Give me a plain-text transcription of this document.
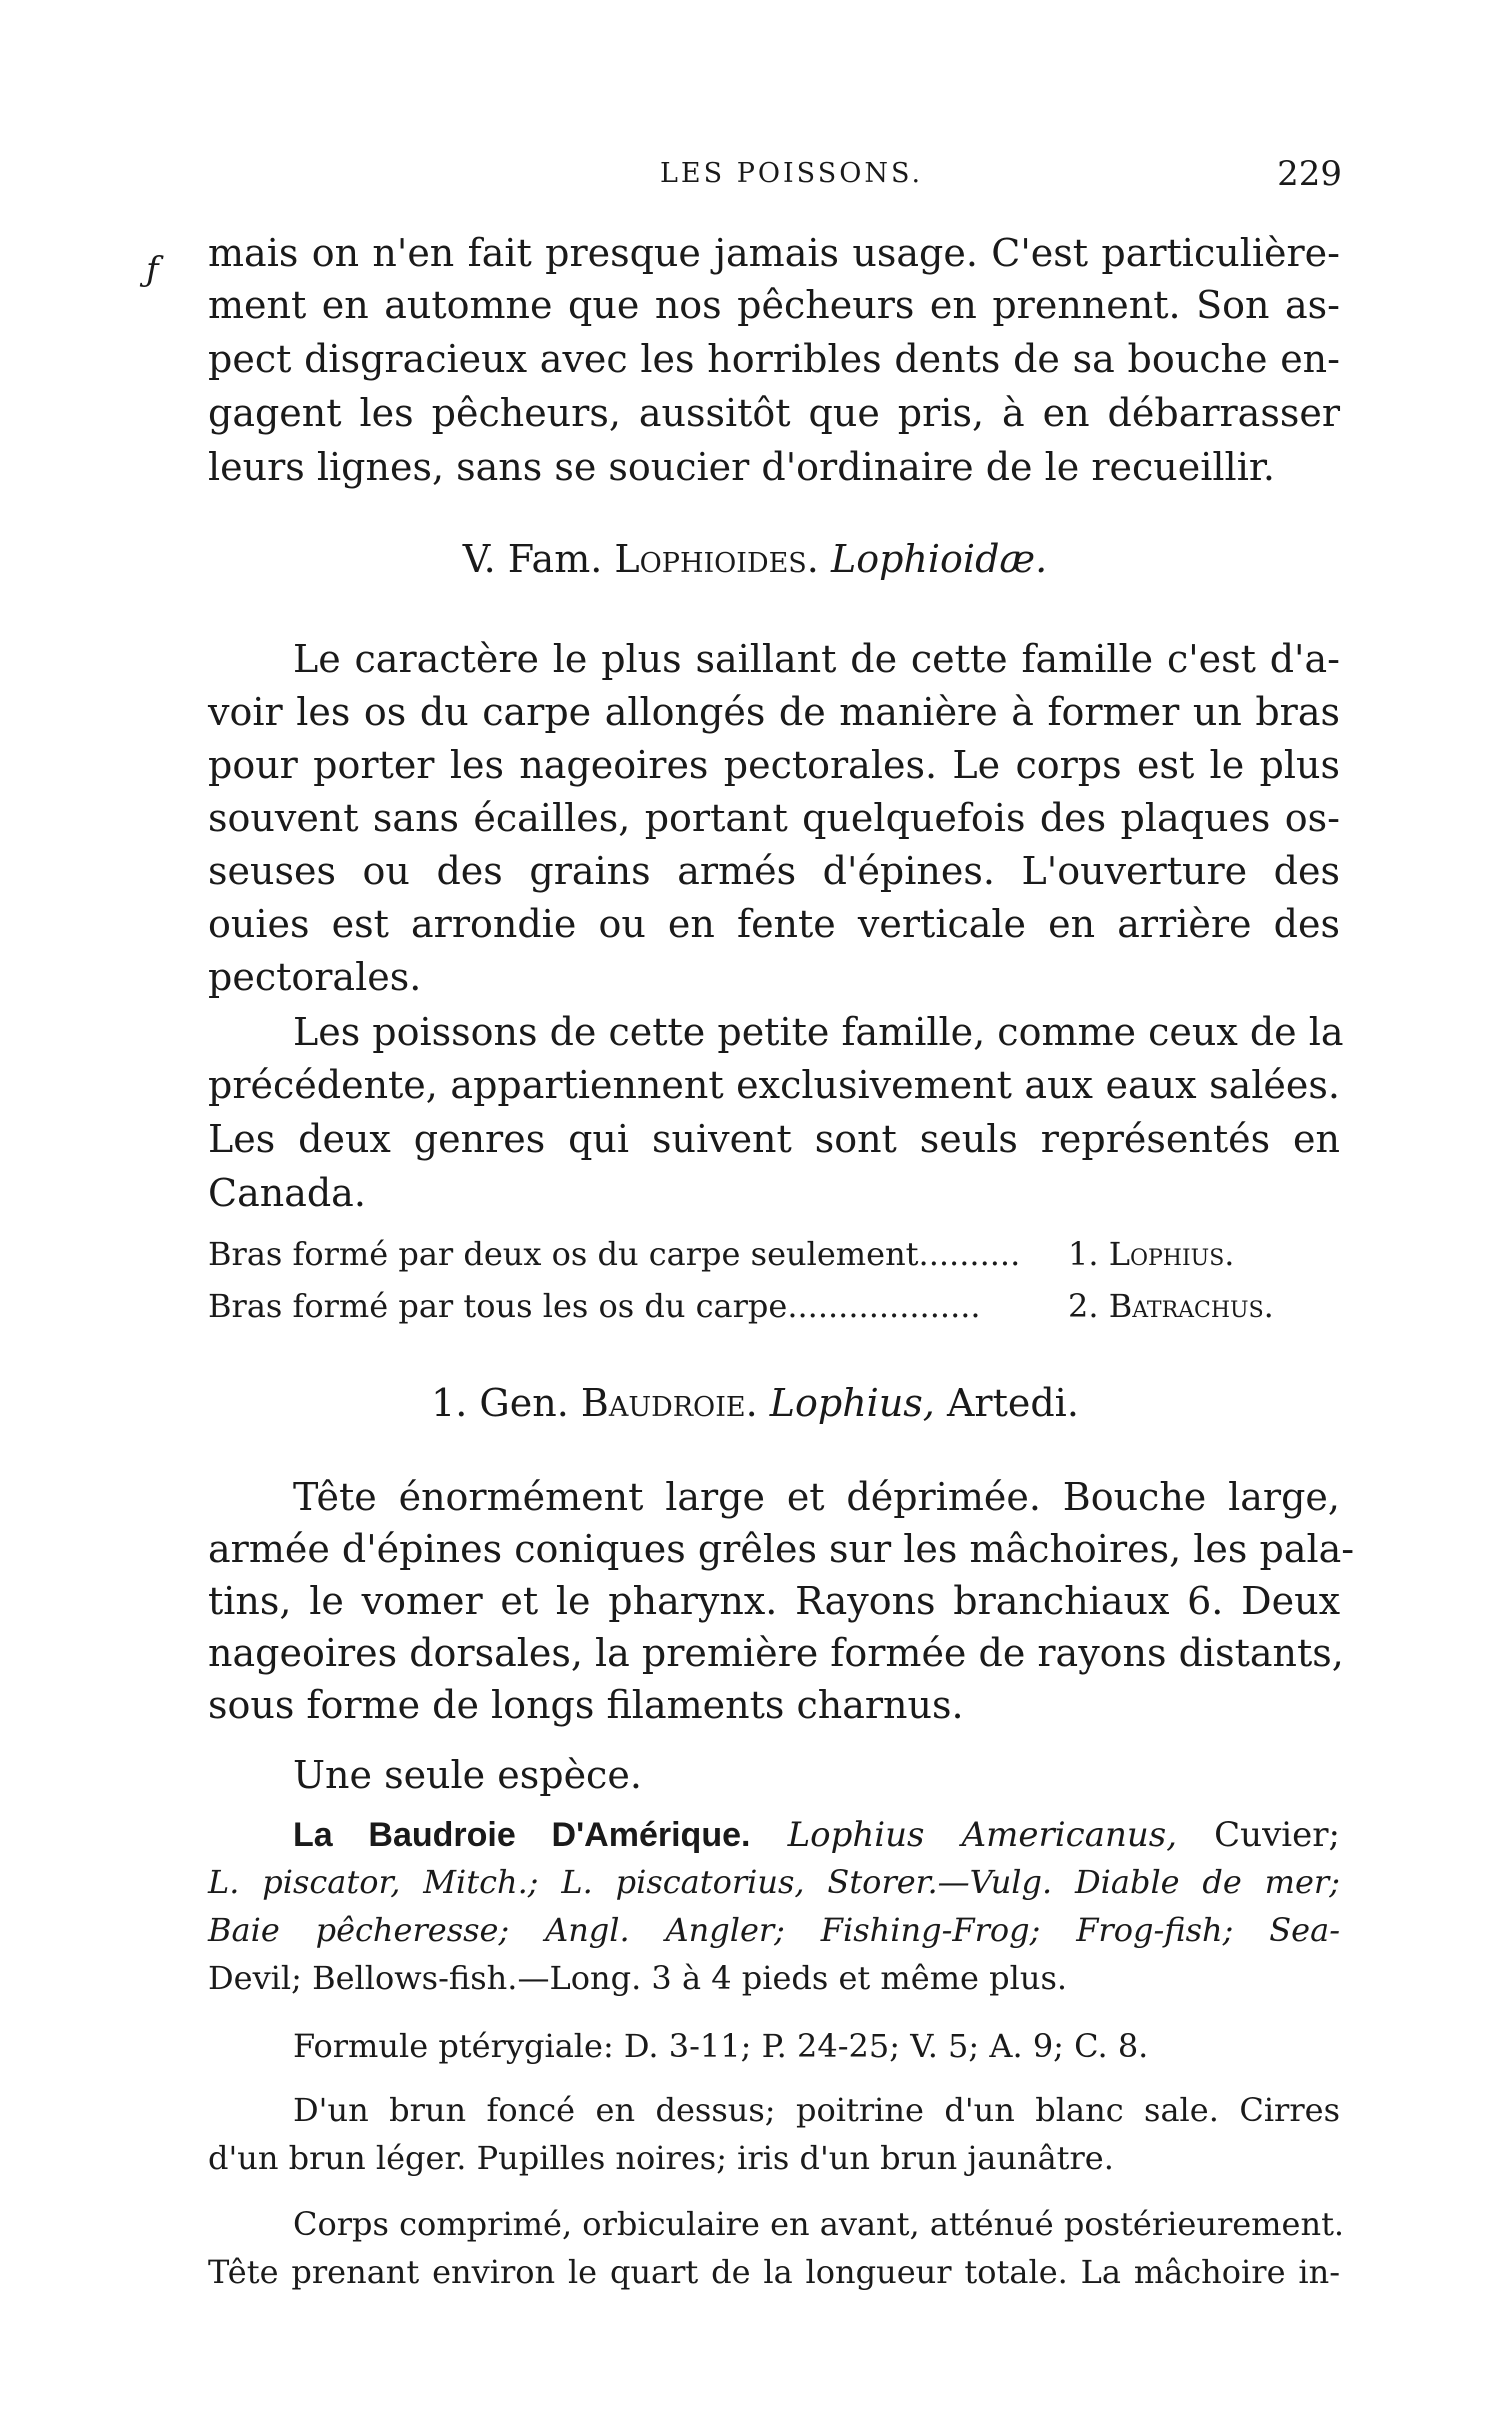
LES POISSONS.	229
ƒ mais on n'en fait presque jamais usage. C'est particulière-
ment en automne que nos pêcheurs en prennent. Son as-
pect disgracieux avec les horribles dents de sa bouche en-
gagent les pêcheurs, aussitôt que pris, à en débarrasser
leurs lignes, sans se soucier d'ordinaire de le recueillir.
V. Fam. Lophioides. Lophioidæ.
Le caractère le plus saillant de cette famille c'est d'a-
voir les os du carpe allongés de manière à former un bras
pour porter les nageoires pectorales. Le corps est le plus
souvent sans écailles, portant quelquefois des plaques os-
seuses ou des grains armés d'épines. L'ouverture des
ouies est arrondie ou en fente verticale en arrière des
pectorales.
Les poissons de cette petite famille, comme ceux de la
précédente, appartiennent exclusivement aux eaux salées.
Les deux genres qui suivent sont seuls représentés en
Canada.
Bras formé par deux os du carpe seulement.......... 1. Lophius.
Bras formé par tous les os du carpe...................	2. Batrachus.
1. Gen. Baudroie. Lophius, Artedi.
Tête énormément large et déprimée. Bouche large,
armée d'épines coniques grêles sur les mâchoires, les pala-
tins, le vomer et le pharynx. Rayons branchiaux 6. Deux
nageoires dorsales, la première formée de rayons distants,
sous forme de longs filaments charnus.
Une seule espèce.
La Baudroie D'Amérique. Lophius Americanus, Cuvier;
L. piscator, Mitch.; L. piscatorius, Storer.—Vulg. Diable de mer;
Baie pêcheresse; Angl. Angler; Fishing-Frog; Frog-fish; Sea-
Devil; Bellows-fish.—Long. 3 à 4 pieds et même plus.
Formule ptérygiale: D. 3-11; P. 24-25; V. 5; A. 9; C. 8.
D'un brun foncé en dessus; poitrine d'un blanc sale. Cirres
d'un brun léger. Pupilles noires; iris d'un brun jaunâtre.
Corps comprimé, orbiculaire en avant, atténué postérieurement.
Tête prenant environ le quart de la longueur totale. La mâchoire in-
